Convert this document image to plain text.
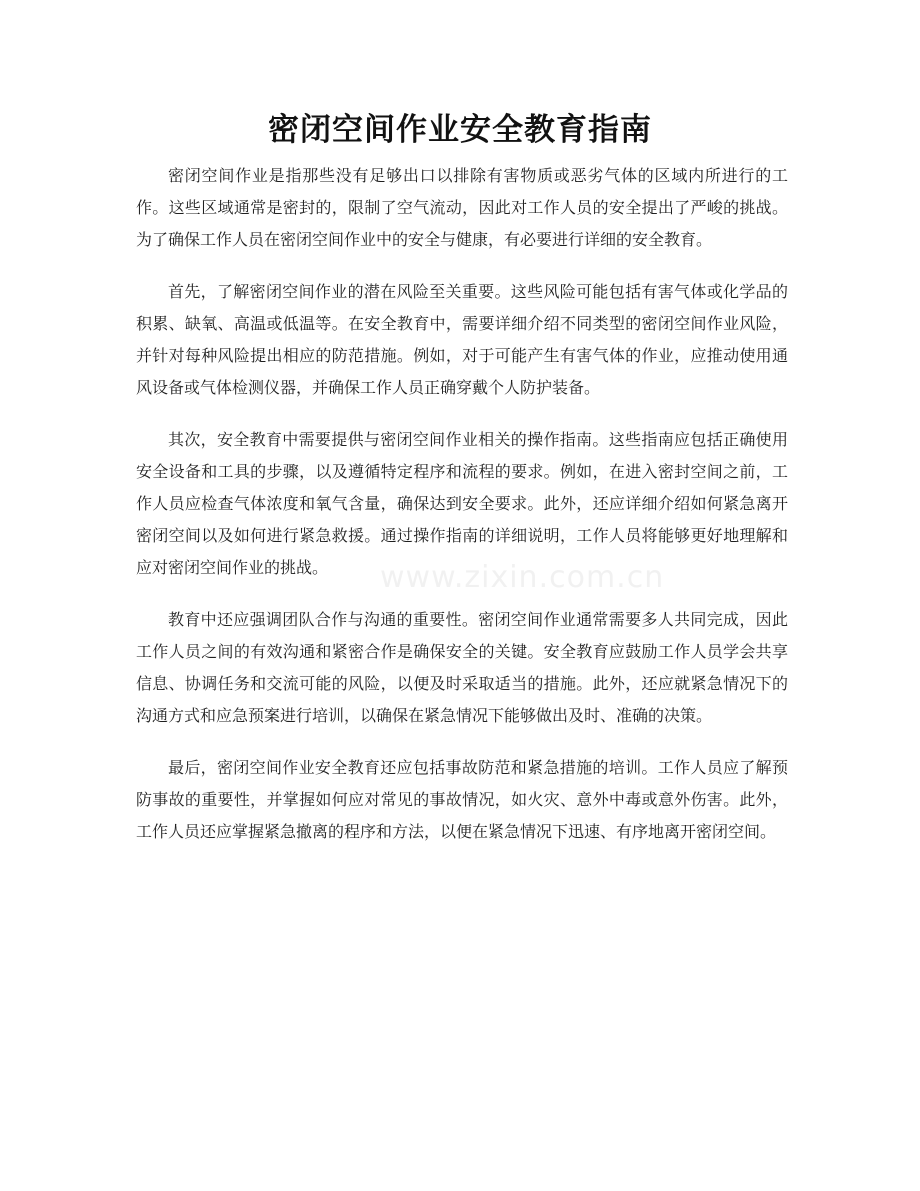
密闭空间作业安全教育指南

密闭空间作业是指那些没有足够出口以排除有害物质或恶劣气体的区域内所进行的工作。这些区域通常是密封的，限制了空气流动，因此对工作人员的安全提出了严峻的挑战。为了确保工作人员在密闭空间作业中的安全与健康，有必要进行详细的安全教育。

首先，了解密闭空间作业的潜在风险至关重要。这些风险可能包括有害气体或化学品的积累、缺氧、高温或低温等。在安全教育中，需要详细介绍不同类型的密闭空间作业风险，并针对每种风险提出相应的防范措施。例如，对于可能产生有害气体的作业，应推动使用通风设备或气体检测仪器，并确保工作人员正确穿戴个人防护装备。

其次，安全教育中需要提供与密闭空间作业相关的操作指南。这些指南应包括正确使用安全设备和工具的步骤，以及遵循特定程序和流程的要求。例如，在进入密封空间之前，工作人员应检查气体浓度和氧气含量，确保达到安全要求。此外，还应详细介绍如何紧急离开密闭空间以及如何进行紧急救援。通过操作指南的详细说明，工作人员将能够更好地理解和应对密闭空间作业的挑战。

教育中还应强调团队合作与沟通的重要性。密闭空间作业通常需要多人共同完成，因此工作人员之间的有效沟通和紧密合作是确保安全的关键。安全教育应鼓励工作人员学会共享信息、协调任务和交流可能的风险，以便及时采取适当的措施。此外，还应就紧急情况下的沟通方式和应急预案进行培训，以确保在紧急情况下能够做出及时、准确的决策。

最后，密闭空间作业安全教育还应包括事故防范和紧急措施的培训。工作人员应了解预防事故的重要性，并掌握如何应对常见的事故情况，如火灾、意外中毒或意外伤害。此外，工作人员还应掌握紧急撤离的程序和方法，以便在紧急情况下迅速、有序地离开密闭空间。

www.zixin.com.cn
